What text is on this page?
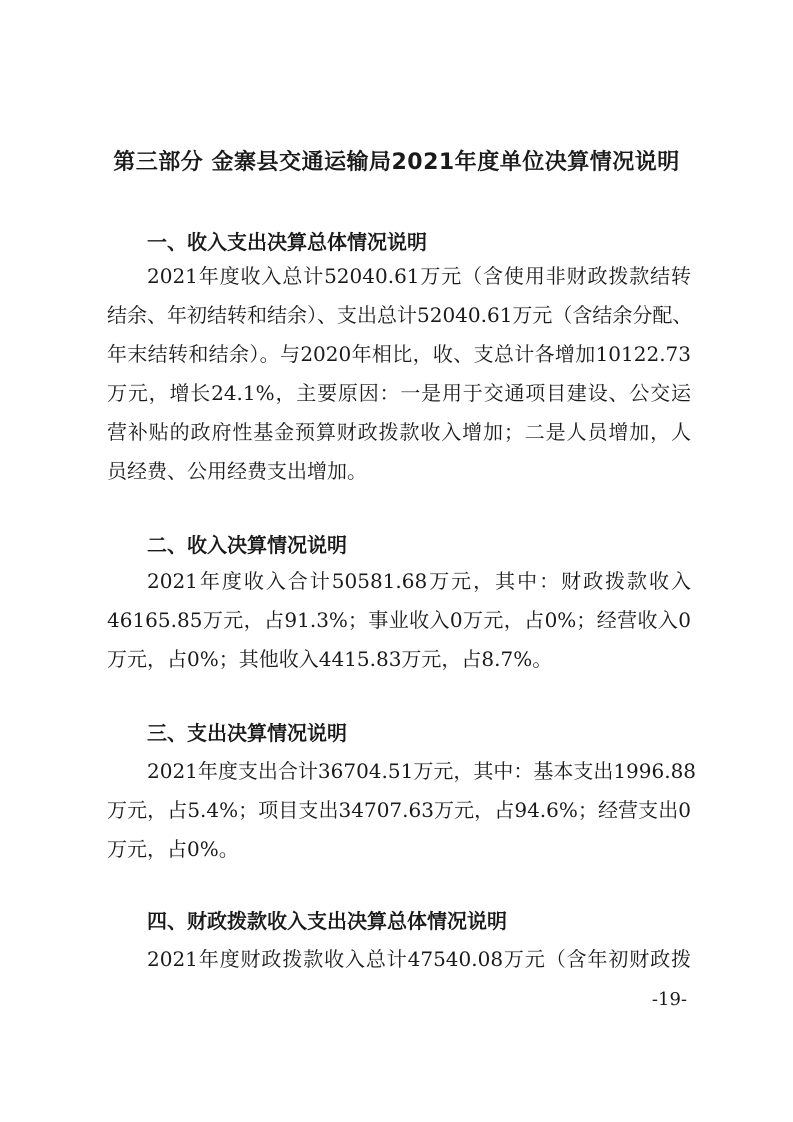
第三部分 金寨县交通运输局2021年度单位决算情况说明
一、收入支出决算总体情况说明
2021年度收入总计52040.61万元（含使用非财政拨款结转
结余、年初结转和结余）、支出总计52040.61万元（含结余分配、
年末结转和结余）。与2020年相比，收、支总计各增加10122.73
万元，增长24.1%，主要原因：一是用于交通项目建设、公交运
营补贴的政府性基金预算财政拨款收入增加；二是人员增加，人
员经费、公用经费支出增加。
二、收入决算情况说明
2021年度收入合计50581.68万元，其中：财政拨款收入
46165.85万元，占91.3%；事业收入0万元，占0%；经营收入0
万元，占0%；其他收入4415.83万元，占8.7%。
三、支出决算情况说明
2021年度支出合计36704.51万元，其中：基本支出1996.88
万元，占5.4%；项目支出34707.63万元，占94.6%；经营支出0
万元，占0%。
四、财政拨款收入支出决算总体情况说明
2021年度财政拨款收入总计47540.08万元（含年初财政拨
-19-
